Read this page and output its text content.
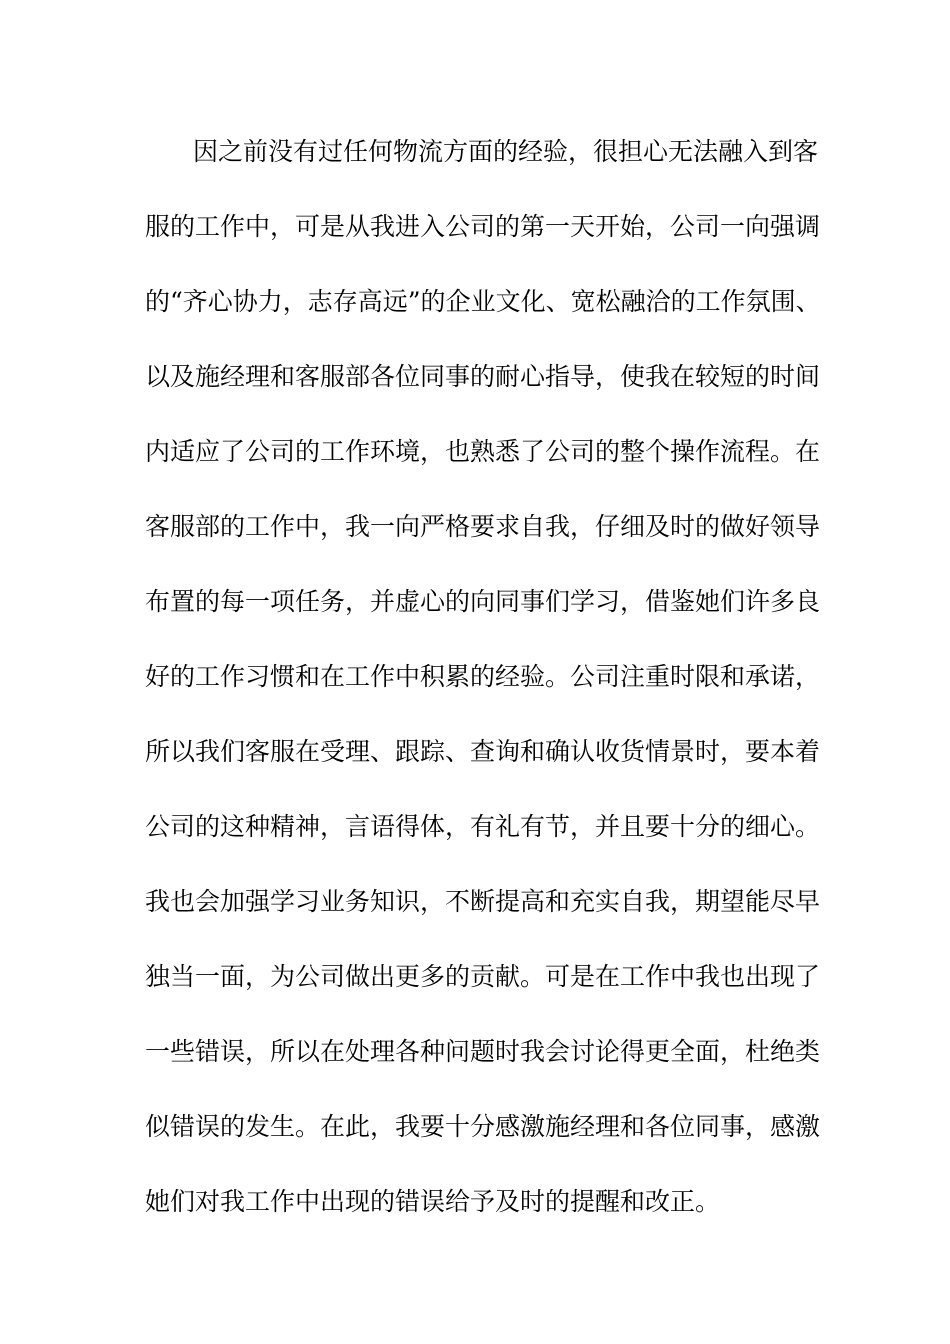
因之前没有过任何物流方面的经验，很担心无法融入到客
服的工作中，可是从我进入公司的第一天开始，公司一向强调
的“齐心协力，志存高远”的企业文化、宽松融洽的工作氛围、
以及施经理和客服部各位同事的耐心指导，使我在较短的时间
内适应了公司的工作环境，也熟悉了公司的整个操作流程。在
客服部的工作中，我一向严格要求自我，仔细及时的做好领导
布置的每一项任务，并虚心的向同事们学习，借鉴她们许多良
好的工作习惯和在工作中积累的经验。公司注重时限和承诺，
所以我们客服在受理、跟踪、查询和确认收货情景时，要本着
公司的这种精神，言语得体，有礼有节，并且要十分的细心。
我也会加强学习业务知识，不断提高和充实自我，期望能尽早
独当一面，为公司做出更多的贡献。可是在工作中我也出现了
一些错误，所以在处理各种问题时我会讨论得更全面，杜绝类
似错误的发生。在此，我要十分感激施经理和各位同事，感激
她们对我工作中出现的错误给予及时的提醒和改正。
